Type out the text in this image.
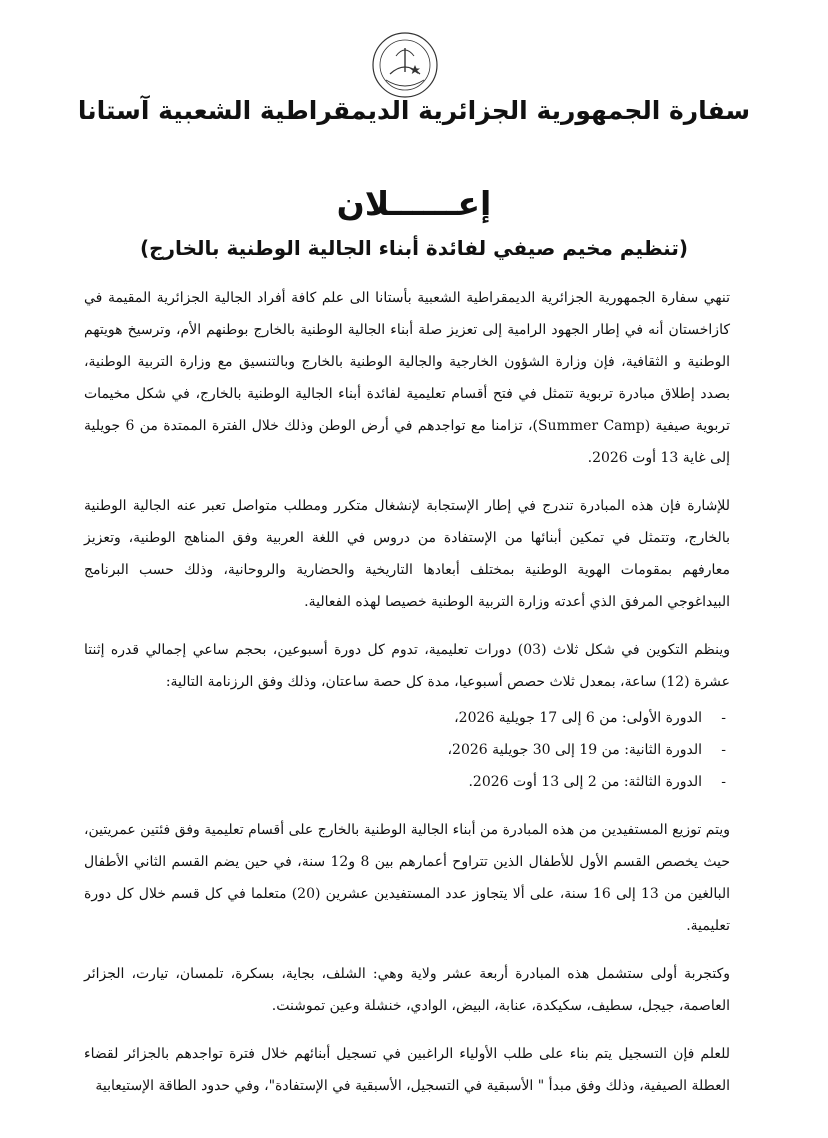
سفارة الجمهورية الجزائرية الديمقراطية الشعبية آستانا
إعــــــلان
(تنظيم مخيم صيفي لفائدة أبناء الجالية الوطنية بالخارج)

تنهي سفارة الجمهورية الجزائرية الديمقراطية الشعبية بأستانا الى علم كافة أفراد الجالية الجزائرية المقيمة في كازاخستان أنه في إطار الجهود الرامية إلى تعزيز صلة أبناء الجالية الوطنية بالخارج بوطنهم الأم، وترسيخ هويتهم الوطنية و الثقافية، فإن وزارة الشؤون الخارجية والجالية الوطنية بالخارج وبالتنسيق مع وزارة التربية الوطنية، بصدد إطلاق مبادرة تربوية تتمثل في فتح أقسام تعليمية لفائدة أبناء الجالية الوطنية بالخارج، في شكل مخيمات تربوية صيفية (Summer Camp)، تزامنا مع تواجدهم في أرض الوطن وذلك خلال الفترة الممتدة من 6 جويلية إلى غاية 13 أوت 2026.

للإشارة فإن هذه المبادرة تندرج في إطار الإستجابة لإنشغال متكرر ومطلب متواصل تعبر عنه الجالية الوطنية بالخارج، وتتمثل في تمكين أبنائها من الإستفادة من دروس في اللغة العربية وفق المناهج الوطنية، وتعزيز معارفهم بمقومات الهوية الوطنية بمختلف أبعادها التاريخية والحضارية والروحانية، وذلك حسب البرنامج البيداغوجي المرفق الذي أعدته وزارة التربية الوطنية خصيصا لهذه الفعالية.

وينظم التكوين في شكل ثلاث (03) دورات تعليمية، تدوم كل دورة أسبوعين، بحجم ساعي إجمالي قدره إثنتا عشرة (12) ساعة، بمعدل ثلاث حصص أسبوعيا، مدة كل حصة ساعتان، وذلك وفق الرزنامة التالية:

- الدورة الأولى: من 6 إلى 17 جويلية 2026،
- الدورة الثانية: من 19 إلى 30 جويلية 2026،
- الدورة الثالثة: من 2 إلى 13 أوت 2026.

ويتم توزيع المستفيدين من هذه المبادرة من أبناء الجالية الوطنية بالخارج على أقسام تعليمية وفق فئتين عمريتين، حيث يخصص القسم الأول للأطفال الذين تتراوح أعمارهم بين 8 و12 سنة، في حين يضم القسم الثاني الأطفال البالغين من 13 إلى 16 سنة، على ألا يتجاوز عدد المستفيدين عشرين (20) متعلما في كل قسم خلال كل دورة تعليمية.

وكتجربة أولى ستشمل هذه المبادرة أربعة عشر ولاية وهي: الشلف، بجاية، بسكرة، تلمسان، تيارت، الجزائر العاصمة، جيجل، سطيف، سكيكدة، عنابة، البيض، الوادي، خنشلة وعين تموشنت.

للعلم فإن التسجيل يتم بناء على طلب الأولياء الراغبين في تسجيل أبنائهم خلال فترة تواجدهم بالجزائر لقضاء العطلة الصيفية، وذلك وفق مبدأ " الأسبقية في التسجيل، الأسبقية في الإستفادة"، وفي حدود الطاقة الإستيعابية
